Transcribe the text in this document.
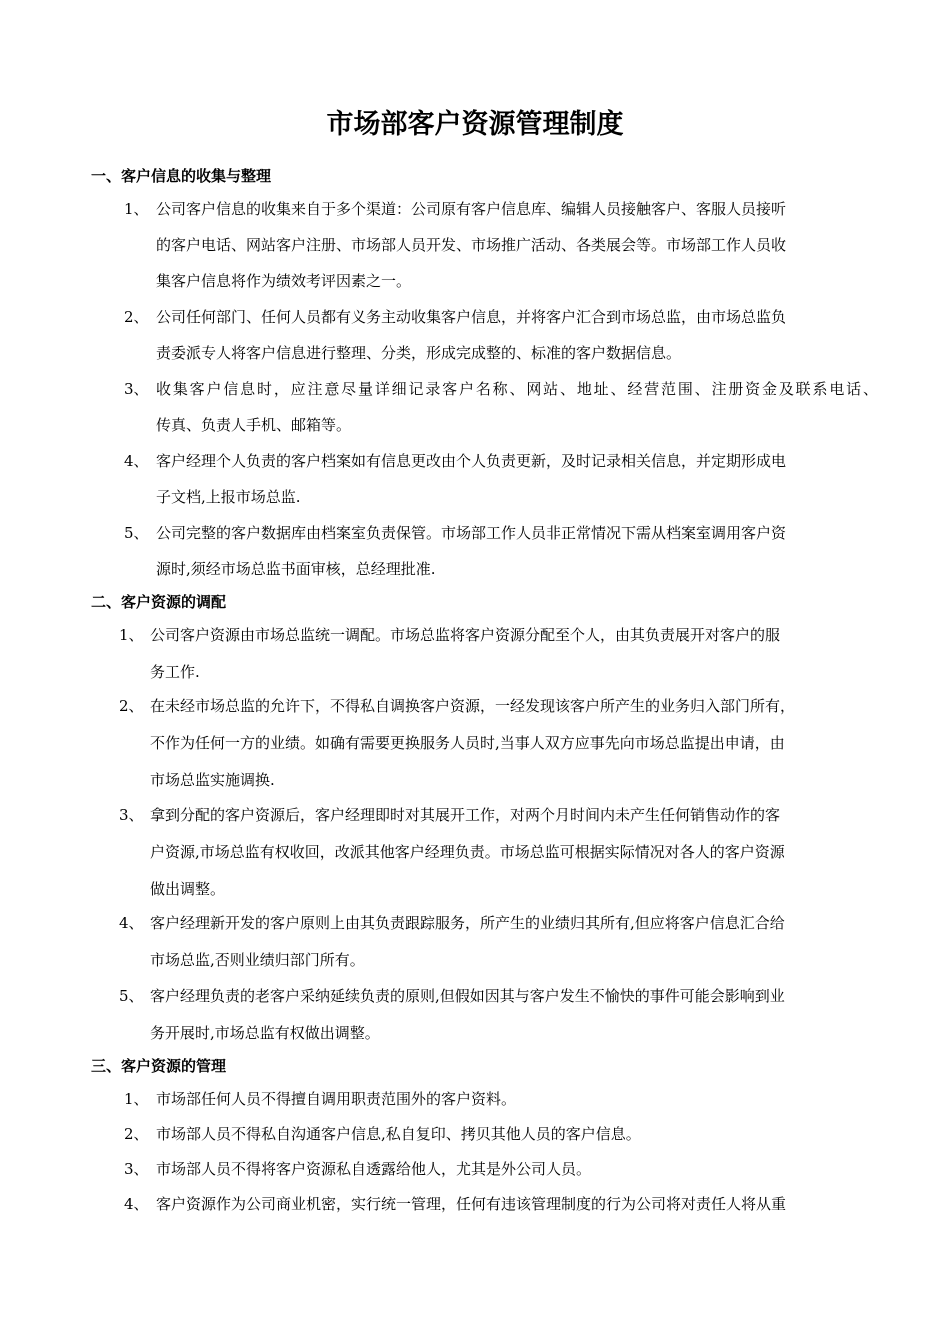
市场部客户资源管理制度
一、客户信息的收集与整理
1、 公司客户信息的收集来自于多个渠道：公司原有客户信息库、编辑人员接触客户、客服人员接听
的客户电话、网站客户注册、市场部人员开发、市场推广活动、各类展会等。市场部工作人员收
集客户信息将作为绩效考评因素之一。
2、 公司任何部门、任何人员都有义务主动收集客户信息，并将客户汇合到市场总监，由市场总监负
责委派专人将客户信息进行整理、分类，形成完成整的、标准的客户数据信息。
3、 收集客户信息时，应注意尽量详细记录客户名称、网站、地址、经营范围、注册资金及联系电话、
传真、负责人手机、邮箱等。
4、 客户经理个人负责的客户档案如有信息更改由个人负责更新，及时记录相关信息，并定期形成电
子文档,上报市场总监.
5、 公司完整的客户数据库由档案室负责保管。市场部工作人员非正常情况下需从档案室调用客户资
源时,须经市场总监书面审核，总经理批准.
二、客户资源的调配
1、 公司客户资源由市场总监统一调配。市场总监将客户资源分配至个人，由其负责展开对客户的服
务工作.
2、 在未经市场总监的允许下，不得私自调换客户资源，一经发现该客户所产生的业务归入部门所有，
不作为任何一方的业绩。如确有需要更换服务人员时,当事人双方应事先向市场总监提出申请，由
市场总监实施调换.
3、 拿到分配的客户资源后，客户经理即时对其展开工作，对两个月时间内未产生任何销售动作的客
户资源,市场总监有权收回，改派其他客户经理负责。市场总监可根据实际情况对各人的客户资源
做出调整。
4、 客户经理新开发的客户原则上由其负责跟踪服务，所产生的业绩归其所有,但应将客户信息汇合给
市场总监,否则业绩归部门所有。
5、 客户经理负责的老客户采纳延续负责的原则,但假如因其与客户发生不愉快的事件可能会影响到业
务开展时,市场总监有权做出调整。
三、客户资源的管理
1、 市场部任何人员不得擅自调用职责范围外的客户资料。
2、 市场部人员不得私自沟通客户信息,私自复印、拷贝其他人员的客户信息。
3、 市场部人员不得将客户资源私自透露给他人，尤其是外公司人员。
4、 客户资源作为公司商业机密，实行统一管理，任何有违该管理制度的行为公司将对责任人将从重
